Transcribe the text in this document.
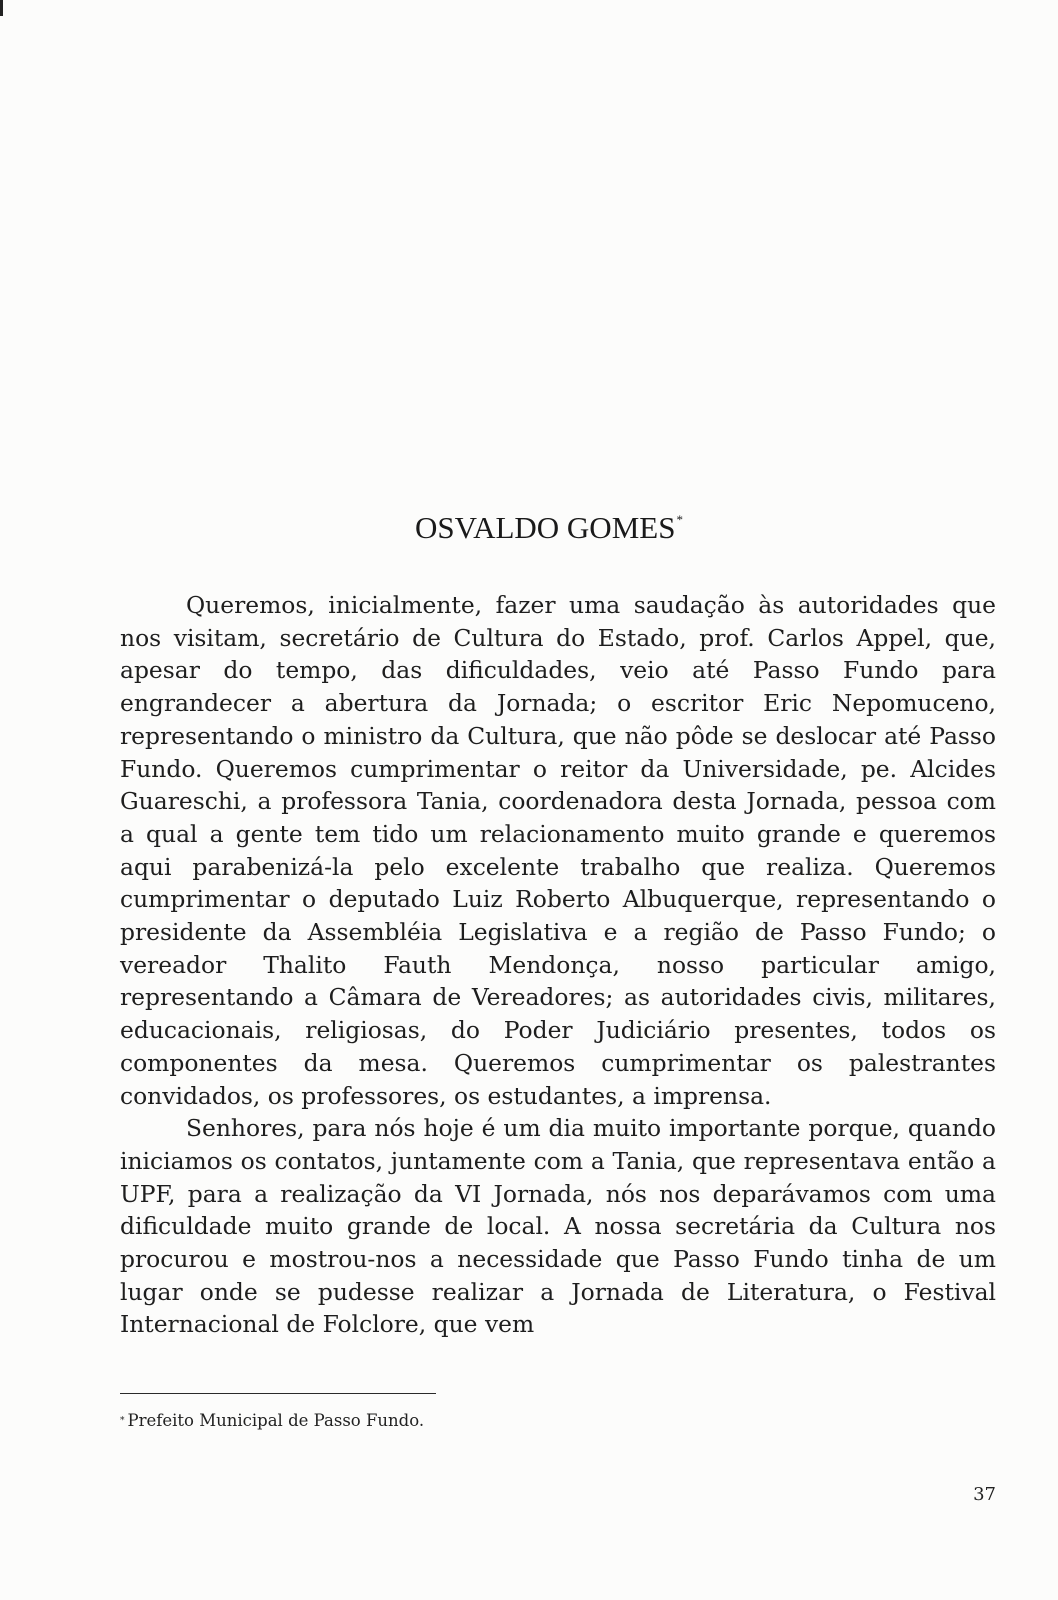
OSVALDO GOMES*

Queremos, inicialmente, fazer uma saudação às autoridades que nos visitam, secretário de Cultura do Estado, prof. Carlos Appel, que, apesar do tempo, das dificuldades, veio até Passo Fundo para engrandecer a abertura da Jornada; o escritor Eric Nepomuceno, representando o ministro da Cultura, que não pôde se deslocar até Passo Fundo. Queremos cumprimentar o reitor da Universidade, pe. Alcides Guareschi, a professora Tania, coordenadora desta Jornada, pessoa com a qual a gente tem tido um relacionamento muito grande e queremos aqui parabenizá-la pelo excelente trabalho que realiza. Queremos cumprimentar o deputado Luiz Roberto Albuquerque, representando o presidente da Assembléia Legislativa e a região de Passo Fundo; o vereador Thalito Fauth Mendonça, nosso particular amigo, representando a Câmara de Vereadores; as autoridades civis, militares, educacionais, religiosas, do Poder Judiciário presentes, todos os componentes da mesa. Queremos cumprimentar os palestrantes convidados, os professores, os estudantes, a imprensa.

Senhores, para nós hoje é um dia muito importante porque, quando iniciamos os contatos, juntamente com a Tania, que representava então a UPF, para a realização da VI Jornada, nós nos deparávamos com uma dificuldade muito grande de local. A nossa secretária da Cultura nos procurou e mostrou-nos a necessidade que Passo Fundo tinha de um lugar onde se pudesse realizar a Jornada de Literatura, o Festival Internacional de Folclore, que vem

* Prefeito Municipal de Passo Fundo.
37
